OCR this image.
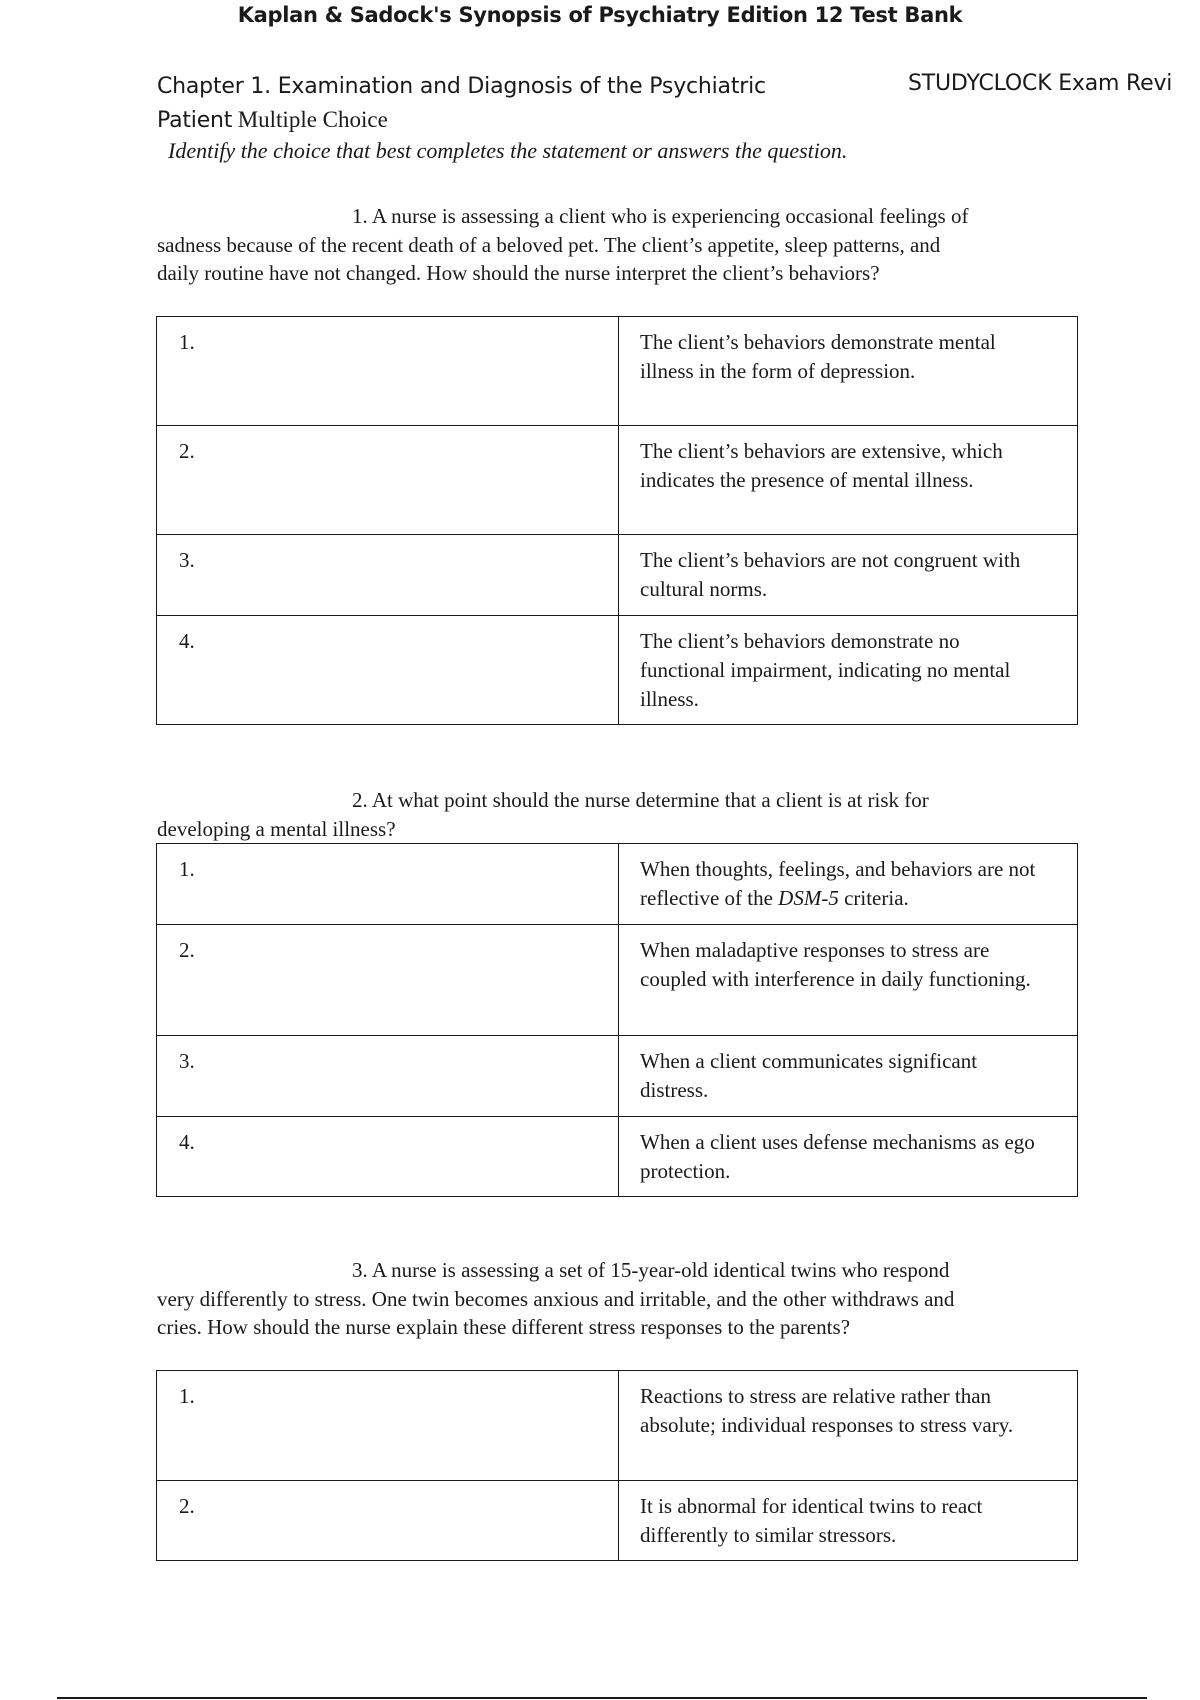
Kaplan & Sadock's Synopsis of Psychiatry Edition 12 Test Bank

Chapter 1. Examination and Diagnosis of the Psychiatric	STUDYCLOCK Exam Revi

Patient Multiple Choice

Identify the choice that best completes the statement or answers the question.

1. A nurse is assessing a client who is experiencing occasional feelings of sadness because of the recent death of a beloved pet. The client’s appetite, sleep patterns, and daily routine have not changed. How should the nurse interpret the client’s behaviors?

1.	The client’s behaviors demonstrate mental illness in the form of depression.
2.	The client’s behaviors are extensive, which indicates the presence of mental illness.
3.	The client’s behaviors are not congruent with cultural norms.
4.	The client’s behaviors demonstrate no functional impairment, indicating no mental illness.

2. At what point should the nurse determine that a client is at risk for developing a mental illness?

1.	When thoughts, feelings, and behaviors are not reflective of the DSM-5 criteria.
2.	When maladaptive responses to stress are coupled with interference in daily functioning.
3.	When a client communicates significant distress.
4.	When a client uses defense mechanisms as ego protection.

3. A nurse is assessing a set of 15-year-old identical twins who respond very differently to stress. One twin becomes anxious and irritable, and the other withdraws and cries. How should the nurse explain these different stress responses to the parents?

1.	Reactions to stress are relative rather than absolute; individual responses to stress vary.
2.	It is abnormal for identical twins to react differently to similar stressors.
